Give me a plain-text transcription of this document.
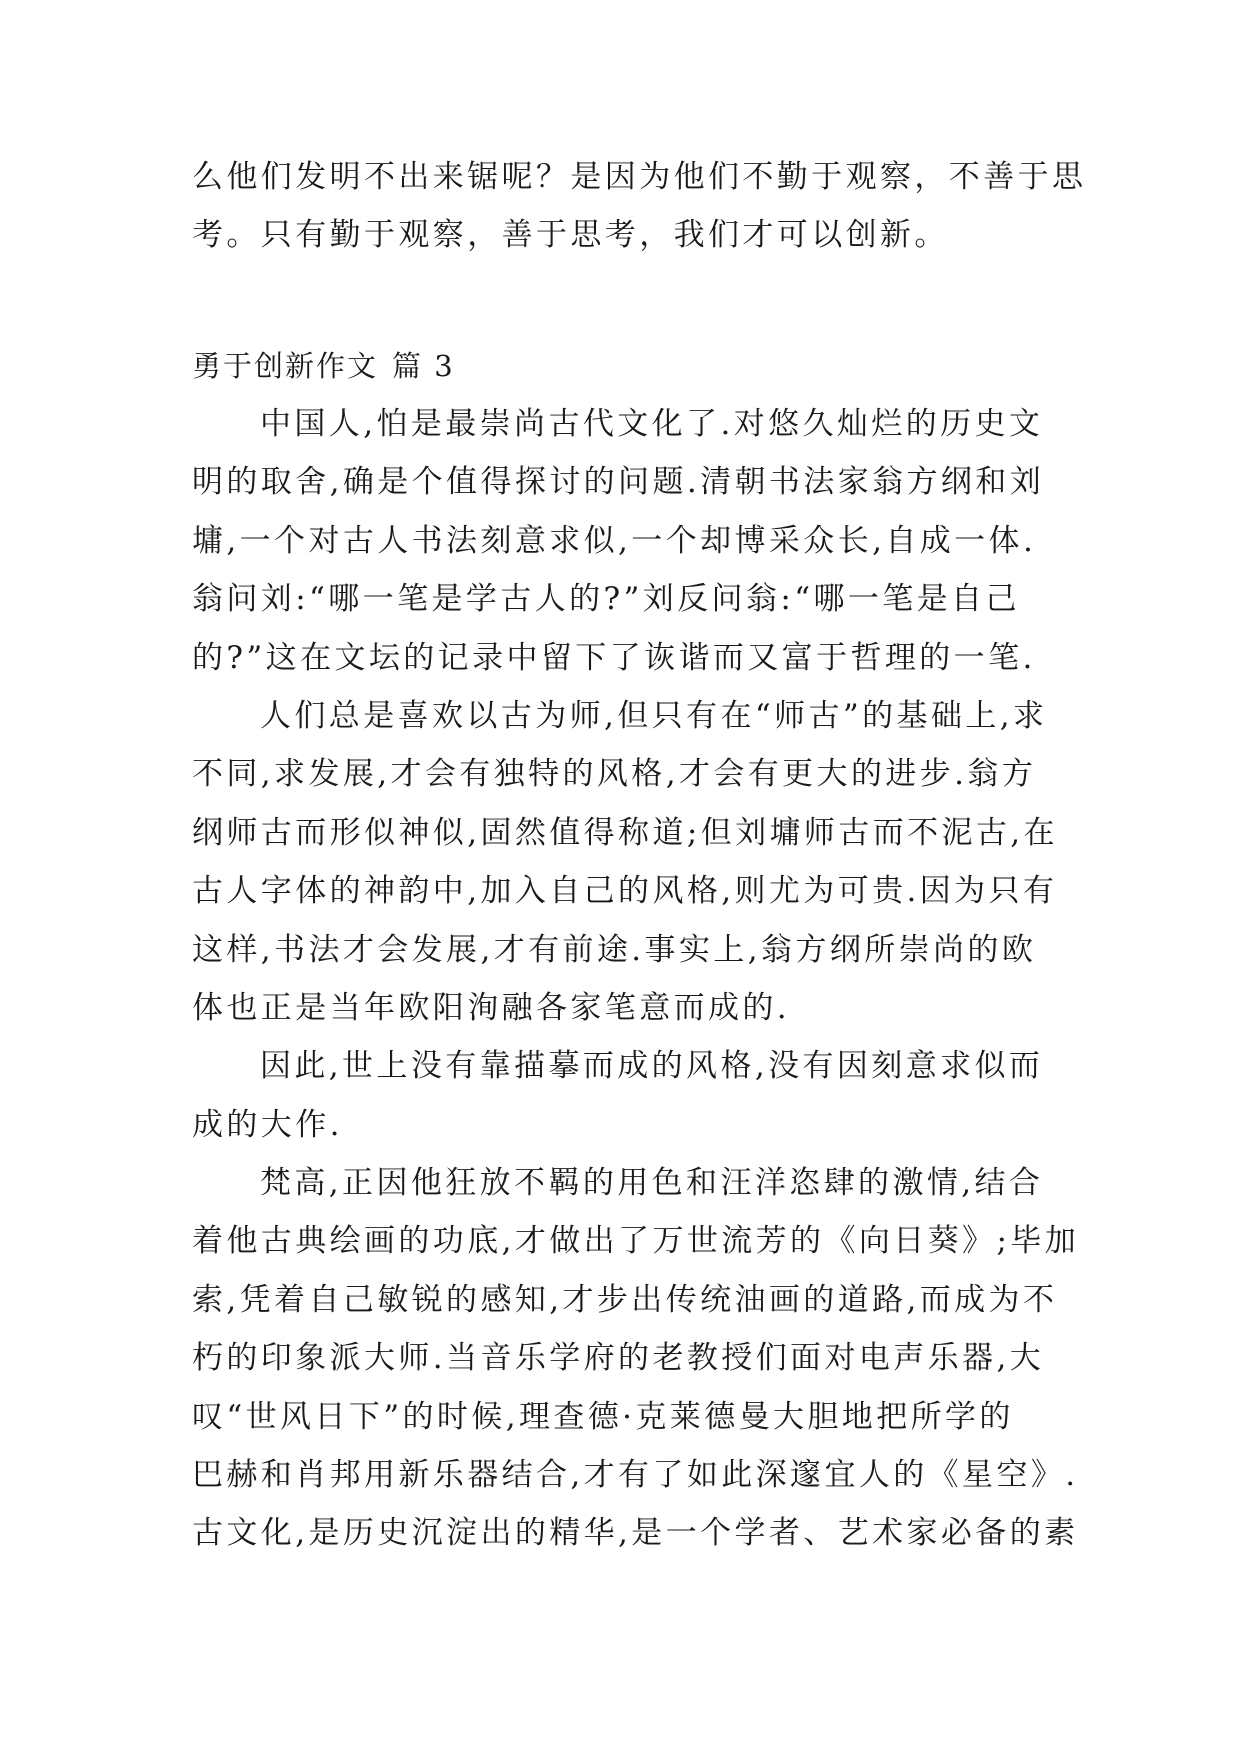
么他们发明不出来锯呢？是因为他们不勤于观察，不善于思
考。只有勤于观察，善于思考，我们才可以创新。
勇于创新作文 篇 3
中国人,怕是最崇尚古代文化了.对悠久灿烂的历史文
明的取舍,确是个值得探讨的问题.清朝书法家翁方纲和刘
墉,一个对古人书法刻意求似,一个却博采众长,自成一体.
翁问刘:“哪一笔是学古人的?”刘反问翁:“哪一笔是自己
的?”这在文坛的记录中留下了诙谐而又富于哲理的一笔.
人们总是喜欢以古为师,但只有在“师古”的基础上,求
不同,求发展,才会有独特的风格,才会有更大的进步.翁方
纲师古而形似神似,固然值得称道;但刘墉师古而不泥古,在
古人字体的神韵中,加入自己的风格,则尤为可贵.因为只有
这样,书法才会发展,才有前途.事实上,翁方纲所崇尚的欧
体也正是当年欧阳洵融各家笔意而成的.
因此,世上没有靠描摹而成的风格,没有因刻意求似而
成的大作.
梵高,正因他狂放不羁的用色和汪洋恣肆的激情,结合
着他古典绘画的功底,才做出了万世流芳的《向日葵》;毕加
索,凭着自己敏锐的感知,才步出传统油画的道路,而成为不
朽的印象派大师.当音乐学府的老教授们面对电声乐器,大
叹“世风日下”的时候,理查德·克莱德曼大胆地把所学的
巴赫和肖邦用新乐器结合,才有了如此深邃宜人的《星空》.
古文化,是历史沉淀出的精华,是一个学者、艺术家必备的素
